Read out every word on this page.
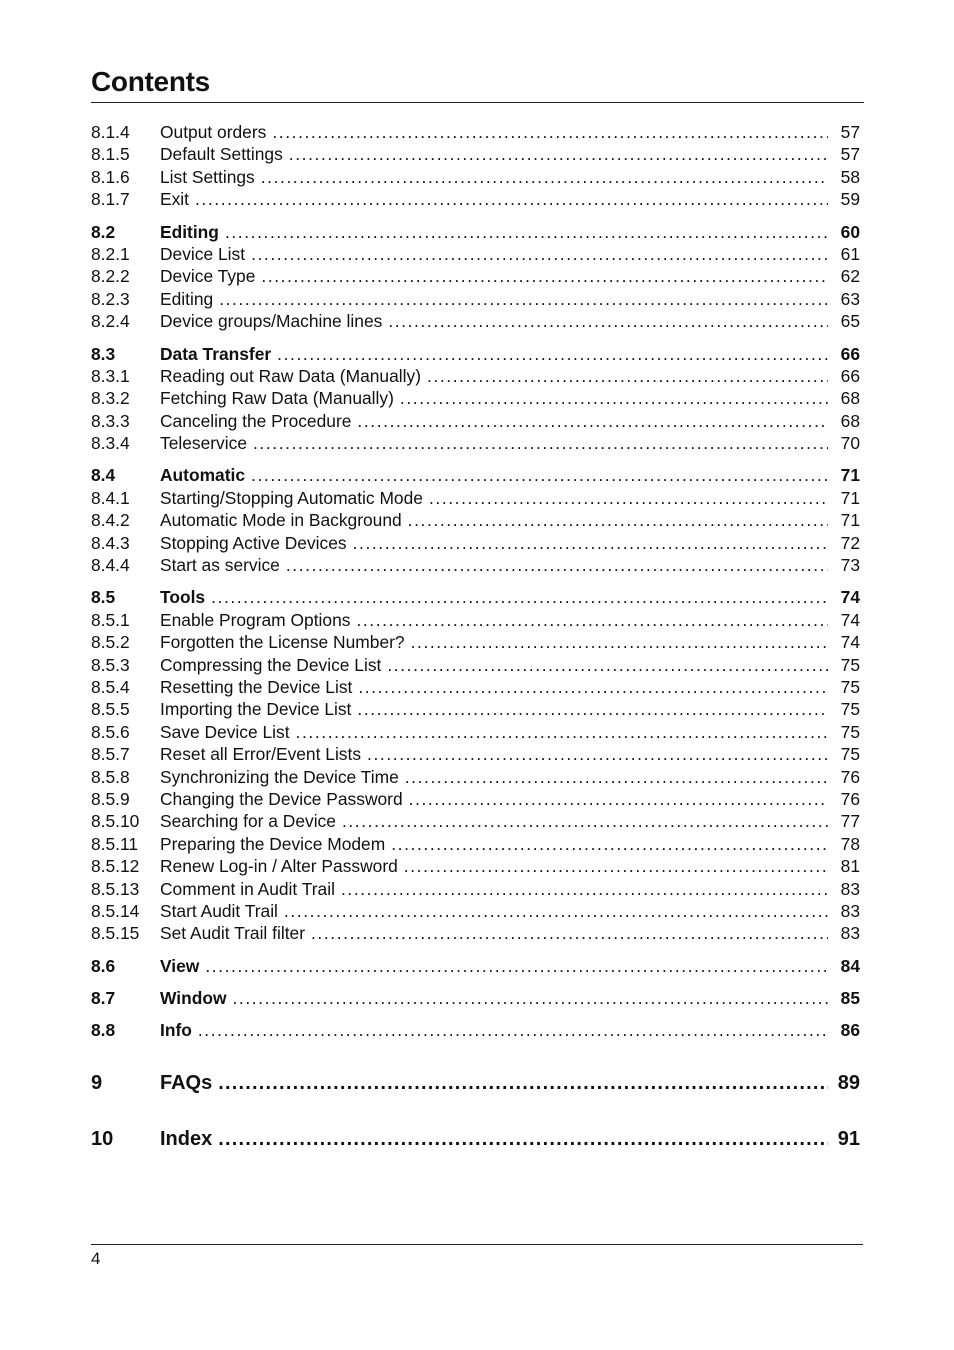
Contents
8.1.4	Output orders .....	57
8.1.5	Default Settings .....	57
8.1.6	List Settings .....	58
8.1.7	Exit .....	59
8.2	Editing .....	60
8.2.1	Device List .....	61
8.2.2	Device Type .....	62
8.2.3	Editing .....	63
8.2.4	Device groups/Machine lines .....	65
8.3	Data Transfer .....	66
8.3.1	Reading out Raw Data (Manually) .....	66
8.3.2	Fetching Raw Data (Manually) .....	68
8.3.3	Canceling the Procedure .....	68
8.3.4	Teleservice .....	70
8.4	Automatic .....	71
8.4.1	Starting/Stopping Automatic Mode .....	71
8.4.2	Automatic Mode in Background .....	71
8.4.3	Stopping Active Devices .....	72
8.4.4	Start as service .....	73
8.5	Tools .....	74
8.5.1	Enable Program Options .....	74
8.5.2	Forgotten the License Number? .....	74
8.5.3	Compressing the Device List .....	75
8.5.4	Resetting the Device List .....	75
8.5.5	Importing the Device List .....	75
8.5.6	Save Device List .....	75
8.5.7	Reset all Error/Event Lists .....	75
8.5.8	Synchronizing the Device Time .....	76
8.5.9	Changing the Device Password .....	76
8.5.10	Searching for a Device .....	77
8.5.11	Preparing the Device Modem .....	78
8.5.12	Renew Log-in / Alter Password .....	81
8.5.13	Comment in Audit Trail .....	83
8.5.14	Start Audit Trail .....	83
8.5.15	Set Audit Trail filter .....	83
8.6	View .....	84
8.7	Window .....	85
8.8	Info .....	86
9	FAQs .....	89
10	Index .....	91
4
